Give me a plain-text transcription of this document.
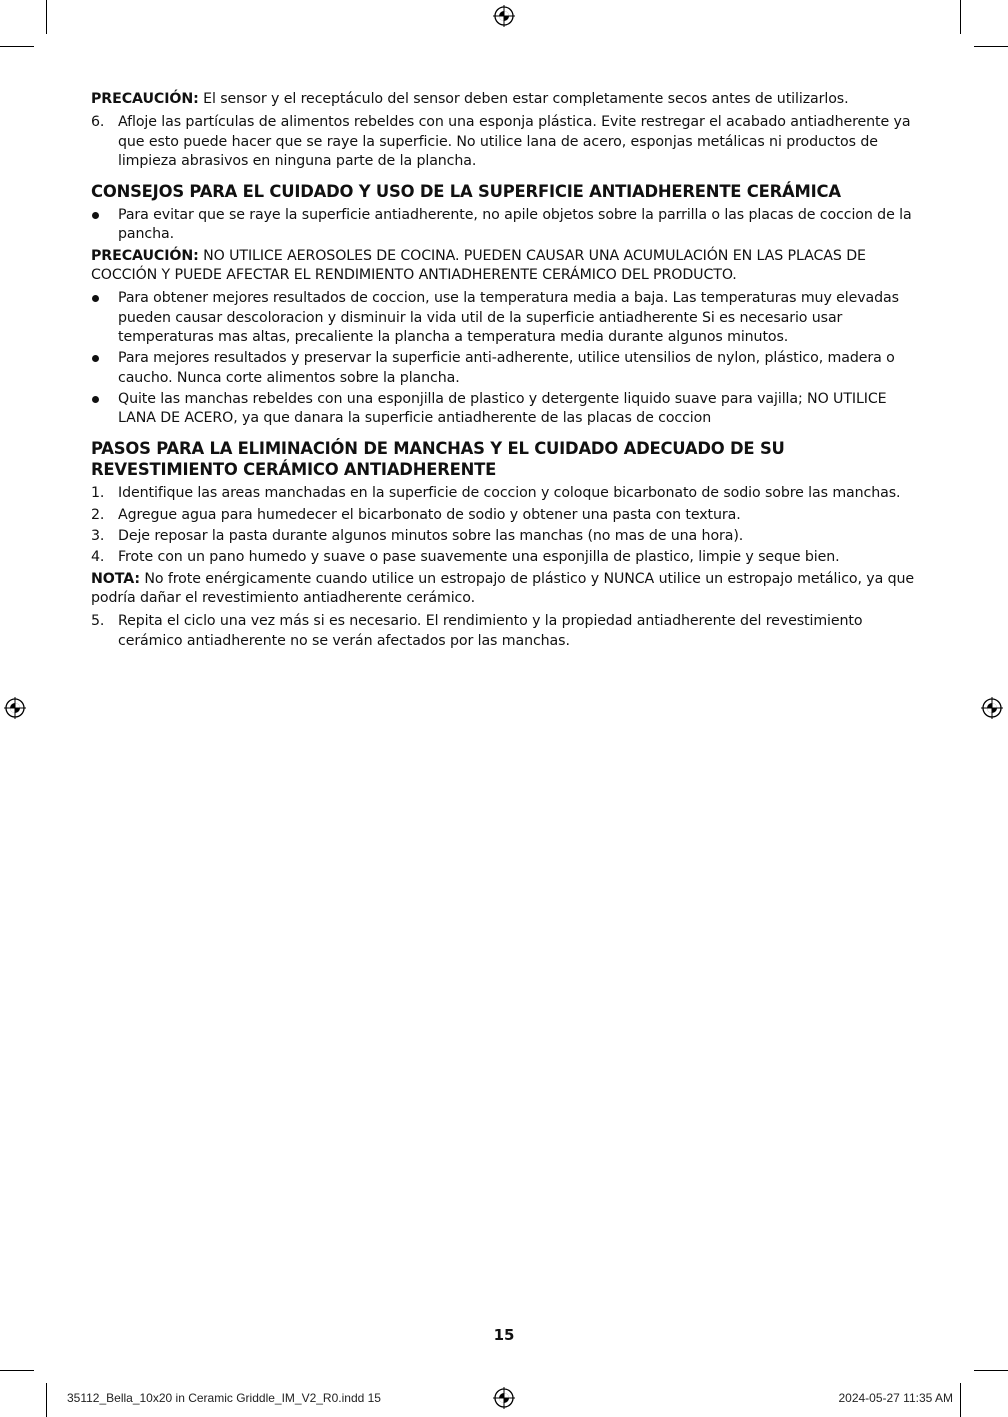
PRECAUCIÓN: El sensor y el receptáculo del sensor deben estar completamente secos antes de utilizarlos.

6. Afloje las partículas de alimentos rebeldes con una esponja plástica. Evite restregar el acabado antiadherente ya que esto puede hacer que se raye la superficie. No utilice lana de acero, esponjas metálicas ni productos de limpieza abrasivos en ninguna parte de la plancha.
CONSEJOS PARA EL CUIDADO Y USO DE LA SUPERFICIE ANTIADHERENTE CERÁMICA
Para evitar que se raye la superficie antiadherente, no apile objetos sobre la parrilla o las placas de coccion de la pancha.

PRECAUCIÓN: NO UTILICE AEROSOLES DE COCINA. PUEDEN CAUSAR UNA ACUMULACIÓN EN LAS PLACAS DE COCCIÓN Y PUEDE AFECTAR EL RENDIMIENTO ANTIADHERENTE CERÁMICO DEL PRODUCTO.

Para obtener mejores resultados de coccion, use la temperatura media a baja. Las temperaturas muy elevadas pueden causar descoloracion y disminuir la vida util de la superficie antiadherente Si es necesario usar temperaturas mas altas, precaliente la plancha a temperatura media durante algunos minutos.
Para mejores resultados y preservar la superficie anti-adherente, utilice utensilios de nylon, plástico, madera o caucho. Nunca corte alimentos sobre la plancha.
Quite las manchas rebeldes con una esponjilla de plastico y detergente liquido suave para vajilla; NO UTILICE LANA DE ACERO, ya que danara la superficie antiadherente de las placas de coccion
PASOS PARA LA ELIMINACIÓN DE MANCHAS Y EL CUIDADO ADECUADO DE SU REVESTIMIENTO CERÁMICO ANTIADHERENTE
1. Identifique las areas manchadas en la superficie de coccion y coloque bicarbonato de sodio sobre las manchas.
2. Agregue agua para humedecer el bicarbonato de sodio y obtener una pasta con textura.
3. Deje reposar la pasta durante algunos minutos sobre las manchas (no mas de una hora).
4. Frote con un pano humedo y suave o pase suavemente una esponjilla de plastico, limpie y seque bien.

NOTA: No frote enérgicamente cuando utilice un estropajo de plástico y NUNCA utilice un estropajo metálico, ya que podría dañar el revestimiento antiadherente cerámico.

5. Repita el ciclo una vez más si es necesario. El rendimiento y la propiedad antiadherente del revestimiento cerámico antiadherente no se verán afectados por las manchas.
15
35112_Bella_10x20 in Ceramic Griddle_IM_V2_R0.indd 15	2024-05-27 11:35 AM
